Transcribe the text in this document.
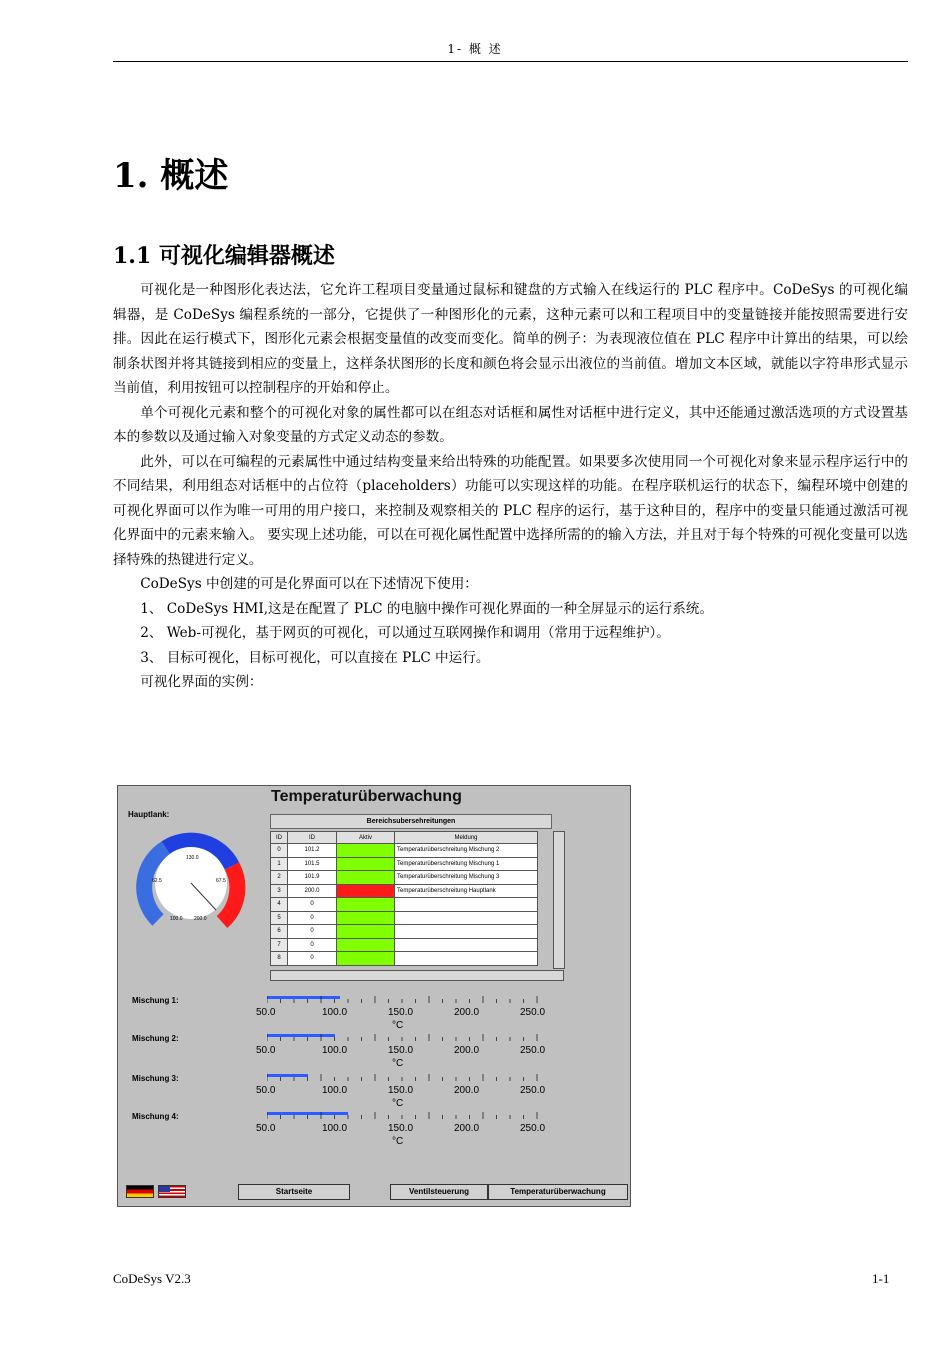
1- 概 述
1. 概述
1.1 可视化编辑器概述

可视化是一种图形化表达法，它允许工程项目变量通过鼠标和键盘的方式输入在线运行的 PLC 程序中。CoDeSys 的可视化编辑器，是 CoDeSys 编程系统的一部分，它提供了一种图形化的元素，这种元素可以和工程项目中的变量链接并能按照需要进行安排。因此在运行模式下，图形化元素会根据变量值的改变而变化。简单的例子：为表现液位值在 PLC 程序中计算出的结果，可以绘制条状图并将其链接到相应的变量上，这样条状图形的长度和颜色将会显示出液位的当前值。增加文本区域，就能以字符串形式显示当前值，利用按钮可以控制程序的开始和停止。

单个可视化元素和整个的可视化对象的属性都可以在组态对话框和属性对话框中进行定义，其中还能通过激活选项的方式设置基本的参数以及通过输入对象变量的方式定义动态的参数。

此外，可以在可编程的元素属性中通过结构变量来给出特殊的功能配置。如果要多次使用同一个可视化对象来显示程序运行中的不同结果，利用组态对话框中的占位符（placeholders）功能可以实现这样的功能。在程序联机运行的状态下，编程环境中创建的可视化界面可以作为唯一可用的用户接口，来控制及观察相关的 PLC 程序的运行，基于这种目的，程序中的变量只能通过激活可视化界面中的元素来输入。 要实现上述功能，可以在可视化属性配置中选择所需的的输入方法，并且对于每个特殊的可视化变量可以选择特殊的热键进行定义。

CoDeSys 中创建的可是化界面可以在下述情况下使用：

1、 CoDeSys HMI,这是在配置了 PLC 的电脑中操作可视化界面的一种全屏显示的运行系统。

2、 Web-可视化，基于网页的可视化，可以通过互联网操作和调用（常用于远程维护）。

3、 目标可视化，目标可视化，可以直接在 PLC 中运行。

可视化界面的实例：

Temperaturüberwachung
Hauptlank:
130.0
62.5	67.5
100.0 200.0
Bereichsubersehreitungen
ID	ID	Aktiv	Meldung
0	101.2		Temperaturüberschreitung Mischung 2
1	101.5		Temperaturüberschreitung Mischung 1
2	101.9		Temperaturüberschreitung Mischung 3
3	200.0		Temperaturüberschreitung Hauptlank
4	0		
5	0		
6	0		
7	0		
8	0		
Mischung 1:
50.0	100.0	150.0	200.0	250.0
°C
Mischung 2:
50.0	100.0	150.0	200.0	250.0
°C
Mischung 3:
50.0	100.0	150.0	200.0	250.0
°C
Mischung 4:
50.0	100.0	150.0	200.0	250.0
°C
Startseite	Ventilsteuerung	Temperaturüberwachung
CoDeSys V2.3	1-1
